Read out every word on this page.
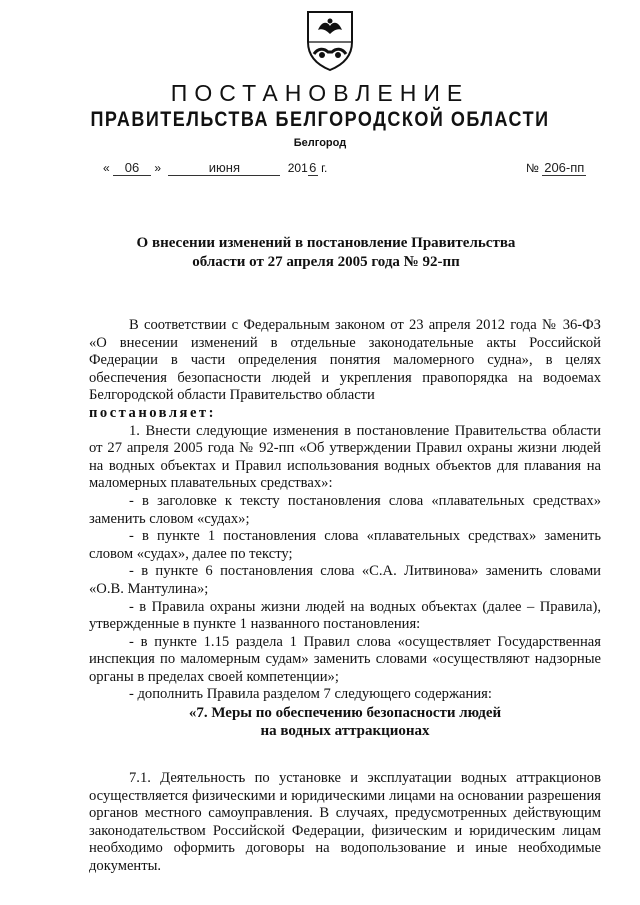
ПОСТАНОВЛЕНИЕ
ПРАВИТЕЛЬСТВА БЕЛГОРОДСКОЙ ОБЛАСТИ
Белгород
« 06 »	июня	2016 г.	№ 206-пп
О внесении изменений в постановление Правительства
области от 27 апреля 2005 года № 92-пп

В соответствии с Федеральным законом от 23 апреля 2012 года № 36-ФЗ «О внесении изменений в отдельные законодательные акты Российской Федерации в части определения понятия маломерного судна», в целях обеспечения безопасности людей и укрепления правопорядка на водоемах Белгородской области Правительство области

постановляет:

1. Внести следующие изменения в постановление Правительства области от 27 апреля 2005 года № 92-пп «Об утверждении Правил охраны жизни людей на водных объектах и Правил использования водных объектов для плавания на маломерных плавательных средствах»:

- в заголовке к тексту постановления слова «плавательных средствах» заменить словом «судах»;

- в пункте 1 постановления слова «плавательных средствах» заменить словом «судах», далее по тексту;

- в пункте 6 постановления слова «С.А. Литвинова» заменить словами «О.В. Мантулина»;

- в Правила охраны жизни людей на водных объектах (далее – Правила), утвержденные в пункте 1 названного постановления:

- в пункте 1.15 раздела 1 Правил слова «осуществляет Государственная инспекция по маломерным судам» заменить словами «осуществляют надзорные органы в пределах своей компетенции»;

- дополнить Правила разделом 7 следующего содержания:

«7. Меры по обеспечению безопасности людей

на водных аттракционах

7.1. Деятельность по установке и эксплуатации водных аттракционов осуществляется физическими и юридическими лицами на основании разрешения органов местного самоуправления. В случаях, предусмотренных действующим законодательством Российской Федерации, физическим и юридическим лицам необходимо оформить договоры на водопользование и иные необходимые документы.
